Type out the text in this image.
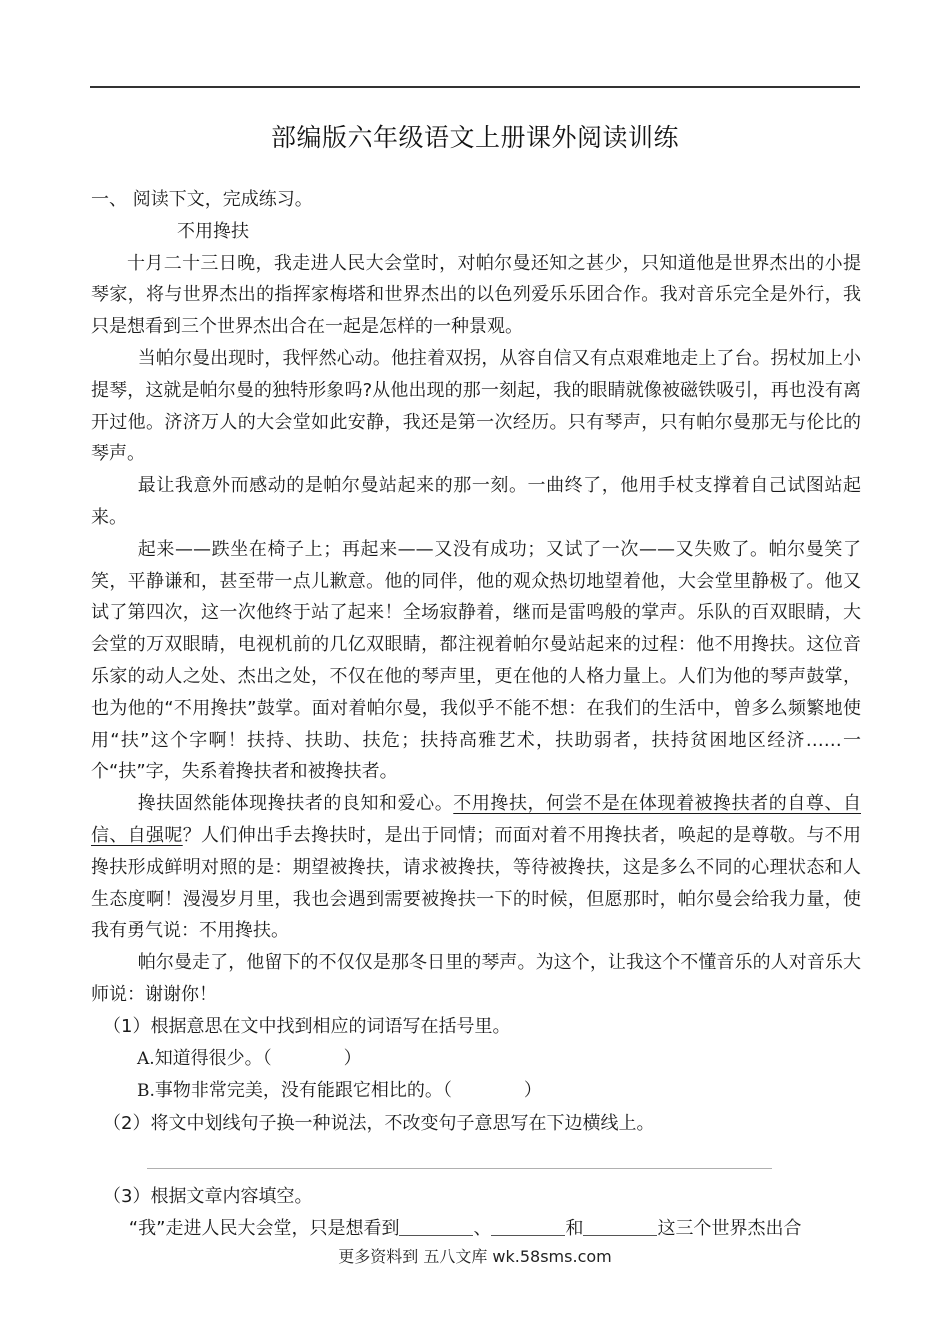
部编版六年级语文上册课外阅读训练

一、 阅读下文，完成练习。

不用搀扶

十月二十三日晚，我走进人民大会堂时，对帕尔曼还知之甚少，只知道他是世界杰出的小提琴家，将与世界杰出的指挥家梅塔和世界杰出的以色列爱乐乐团合作。我对音乐完全是外行，我只是想看到三个世界杰出合在一起是怎样的一种景观。

当帕尔曼出现时，我怦然心动。他拄着双拐，从容自信又有点艰难地走上了台。拐杖加上小提琴，这就是帕尔曼的独特形象吗?从他出现的那一刻起，我的眼睛就像被磁铁吸引，再也没有离开过他。济济万人的大会堂如此安静，我还是第一次经历。只有琴声，只有帕尔曼那无与伦比的琴声。

最让我意外而感动的是帕尔曼站起来的那一刻。一曲终了，他用手杖支撑着自己试图站起来。

起来——跌坐在椅子上；再起来——又没有成功；又试了一次——又失败了。帕尔曼笑了笑，平静谦和，甚至带一点儿歉意。他的同伴，他的观众热切地望着他，大会堂里静极了。他又试了第四次，这一次他终于站了起来！全场寂静着，继而是雷鸣般的掌声。乐队的百双眼睛，大会堂的万双眼睛，电视机前的几亿双眼睛，都注视着帕尔曼站起来的过程：他不用搀扶。这位音乐家的动人之处、杰出之处，不仅在他的琴声里，更在他的人格力量上。人们为他的琴声鼓掌，也为他的“不用搀扶”鼓掌。面对着帕尔曼，我似乎不能不想：在我们的生活中，曾多么频繁地使用“扶”这个字啊！扶持、扶助、扶危；扶持高雅艺术，扶助弱者，扶持贫困地区经济……一个“扶”字，失系着搀扶者和被搀扶者。

搀扶固然能体现搀扶者的良知和爱心。不用搀扶，何尝不是在体现着被搀扶者的自尊、自信、自强呢？人们伸出手去搀扶时，是出于同情；而面对着不用搀扶者，唤起的是尊敬。与不用搀扶形成鲜明对照的是：期望被搀扶，请求被搀扶，等待被搀扶，这是多么不同的心理状态和人生态度啊！漫漫岁月里，我也会遇到需要被搀扶一下的时候，但愿那时，帕尔曼会给我力量，使我有勇气说：不用搀扶。

帕尔曼走了，他留下的不仅仅是那冬日里的琴声。为这个，让我这个不懂音乐的人对音乐大师说：谢谢你！

（1）根据意思在文中找到相应的词语写在括号里。

A.知道得很少。（　　　　）

B.事物非常完美，没有能跟它相比的。（　　　　）

（2）将文中划线句子换一种说法，不改变句子意思写在下边横线上。

（3）根据文章内容填空。

“我”走进人民大会堂，只是想看到	、	和	这三个世界杰出合

更多资料到 五八文库 wk.58sms.com
